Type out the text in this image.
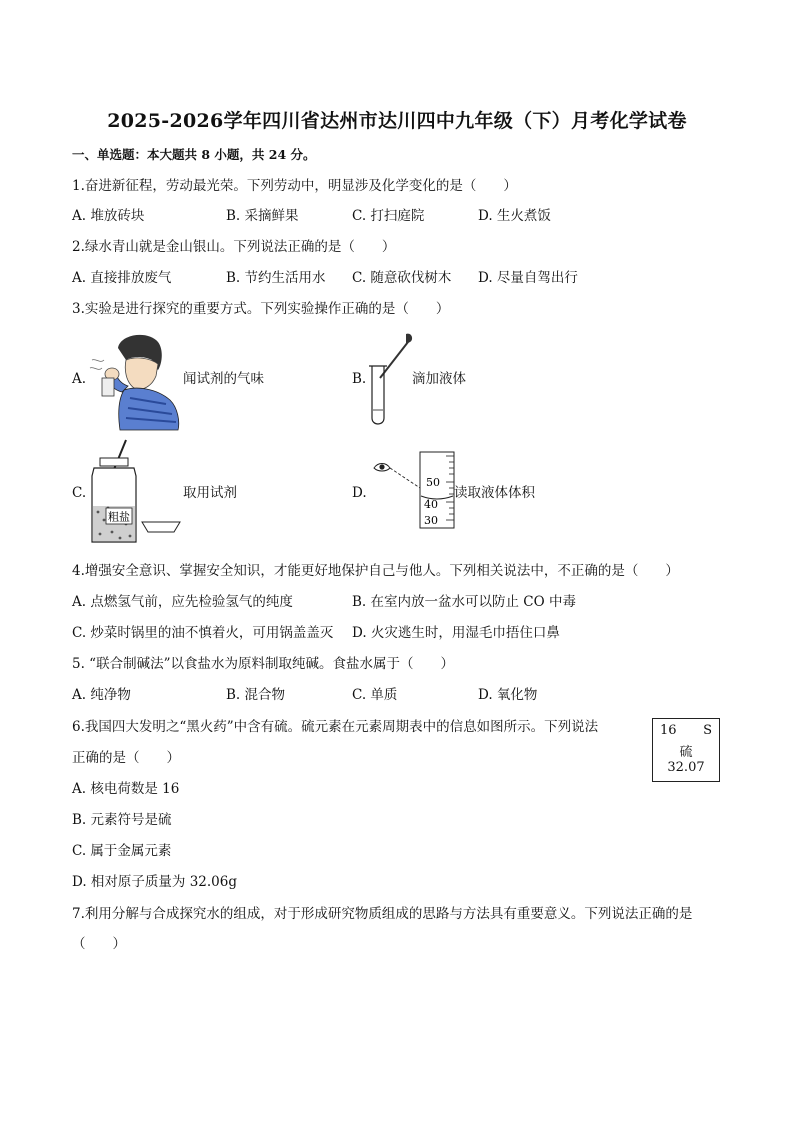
2025-2026学年四川省达州市达川四中九年级（下）月考化学试卷
一、单选题：本大题共 8 小题，共 24 分。
1.奋进新征程，劳动最光荣。下列劳动中，明显涉及化学变化的是（　　）
A. 堆放砖块	B. 采摘鲜果	C. 打扫庭院	D. 生火煮饭
2.绿水青山就是金山银山。下列说法正确的是（　　）
A. 直接排放废气	B. 节约生活用水 C. 随意砍伐树木 D. 尽量自驾出行
3.实验是进行探究的重要方式。下列实验操作正确的是（　　）
A.	闻试剂的气味	B.	滴加液体
C.
粗盐
取用试剂	D.
50
40
30
读取液体体积
4.增强安全意识、掌握安全知识，才能更好地保护自己与他人。下列相关说法中，不正确的是（　　）
A. 点燃氢气前，应先检验氢气的纯度	B. 在室内放一盆水可以防止 CO 中毒
C. 炒菜时锅里的油不慎着火，可用锅盖盖灭 D. 火灾逃生时，用湿毛巾捂住口鼻
5. “联合制碱法”以食盐水为原料制取纯碱。食盐水属于（　　）
A. 纯净物	B. 混合物	C. 单质	D. 氧化物
6.我国四大发明之“黑火药”中含有硫。硫元素在元素周期表中的信息如图所示。下列说法
正确的是（　　）
16 S
硫
32.07
A. 核电荷数是 16
B. 元素符号是硫
C. 属于金属元素
D. 相对原子质量为 32.06g
7.利用分解与合成探究水的组成，对于形成研究物质组成的思路与方法具有重要意义。下列说法正确的是
（　　）
